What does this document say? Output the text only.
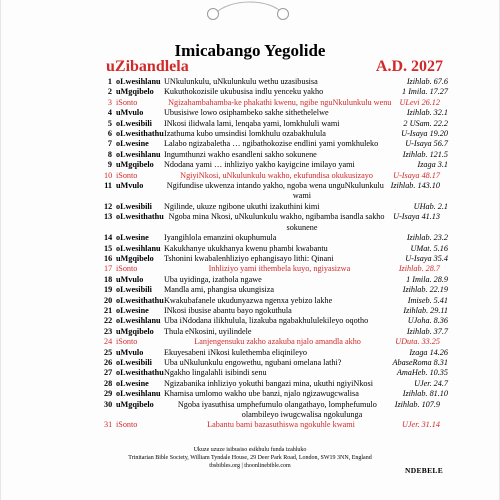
Imicabango Yegolide
uZibandlela	A.D. 2027
1 oLwesihlanu	Izihlab. 67.6
UNkulunkulu, uNkulunkulu wethu uzasibusisa
2 uMgqibelo	1 Imila. 17.27
Kukuthokozisile ukubusisa indlu yenceku yakho
3 iSonto	ULevi 26.12
Ngizahambahamba-ke phakathi kwenu, ngibe nguNkulunkulu wenu
4 uMvulo	Izihlab. 32.1
Ubusisiwe lowo osiphambeko sakhe sithethelelwe
5 oLwesibili	2 USam. 22.2
INkosi ilidwala lami, lenqaba yami, lomkhululi wami
6 oLwesithathu	U-Isaya 19.20
Izathuma kubo umsindisi lomkhulu ozabakhulula
7 oLwesine	U-Isaya 56.7
Lalabo ngizabaletha … ngibathokozise endlini yami yomkhuleko
8 oLwesihlanu	Izihlab. 121.5
Ingumthunzi wakho esandleni sakho sokunene
9 uMgqibelo	Izaga 3.1
Ndodana yami … inhliziyo yakho kayigcine imilayo yami
10 iSonto	U-Isaya 48.17
NgiyiNkosi, uNkulunkulu wakho, ekufundisa okukusizayo
11 uMvulo	Izihlab. 143.10
Ngifundise ukwenza intando yakho, ngoba wena unguNkulunkulu wami
12 oLwesibili	UHab. 2.1
Ngilinde, ukuze ngibone ukuthi izakuthini kimi
13 oLwesithathu	U-Isaya 41.13
Ngoba mina Nkosi, uNkulunkulu wakho, ngibamba isandla sakho sokunene
14 oLwesine	Izihlab. 23.2
Iyangihlola emanzini okuphumula
15 oLwesihlanu	UMat. 5.16
Kakukhanye ukukhanya kwenu phambi kwabantu
16 uMgqibelo	U-Isaya 35.4
Tshonini kwabalenhliziyo ephangisayo lithi: Qinani
17 iSonto	Izihlab. 28.7
Inhliziyo yami ithembela kuyo, ngiyasizwa
18 uMvulo	1 Imila. 28.9
Uba uyidinga, izathola ngawe
19 oLwesibili	Izihlab. 22.19
Mandla ami, phangisa ukungisiza
20 oLwesithathu	Imiseb. 5.41
Kwakubafanele ukudunyazwa ngenxa yebizo lakhe
21 oLwesine	Izihlab. 29.11
INkosi ibusise abantu bayo ngokuthula
22 oLwesihlanu	UJoha. 8.36
Uba iNdodana ilikhulula, lizakuba ngabakhululekileyo oqotho
23 uMgqibelo	Izihlab. 37.7
Thula eNkosini, uyilindele
24 iSonto	UDuta. 33.25
Lanjengensuku zakho azakuba njalo amandla akho
25 uMvulo	Izaga 14.26
Ekuyesabeni iNkosi kulethemba eliqinileyo
26 oLwesibili	AbaseRoma 8.31
Uba uNkulunkulu engowethu, ngubani omelana lathi?
27 oLwesithathu	AmaHeb. 10.35
Ngakho lingalahli isibindi senu
28 oLwesine	UJer. 24.7
Ngizabanika inhliziyo yokuthi bangazi mina, ukuthi ngiyiNkosi
29 oLwesihlanu	Izihlab. 81.10
Khamisa umlomo wakho ube banzi, njalo ngizawugcwalisa
30 uMgqibelo	Izihlab. 107.9
Ngoba iyasuthisa umphefumulo olangathayo, lomphefumulo olambileyo iwugcwalisa ngokulunga
31 iSonto	UJer. 31.14
Labantu bami bazasuthiswa ngokuhle kwami
Ukuze uzuze isibusiso esikhulu funda izahluko
Trinitarian Bible Society, William Tyndale House, 29 Deer Park Road, London, SW19 3NN, England
tbsbibles.org | thoonlinebible.com	NDEBELE
